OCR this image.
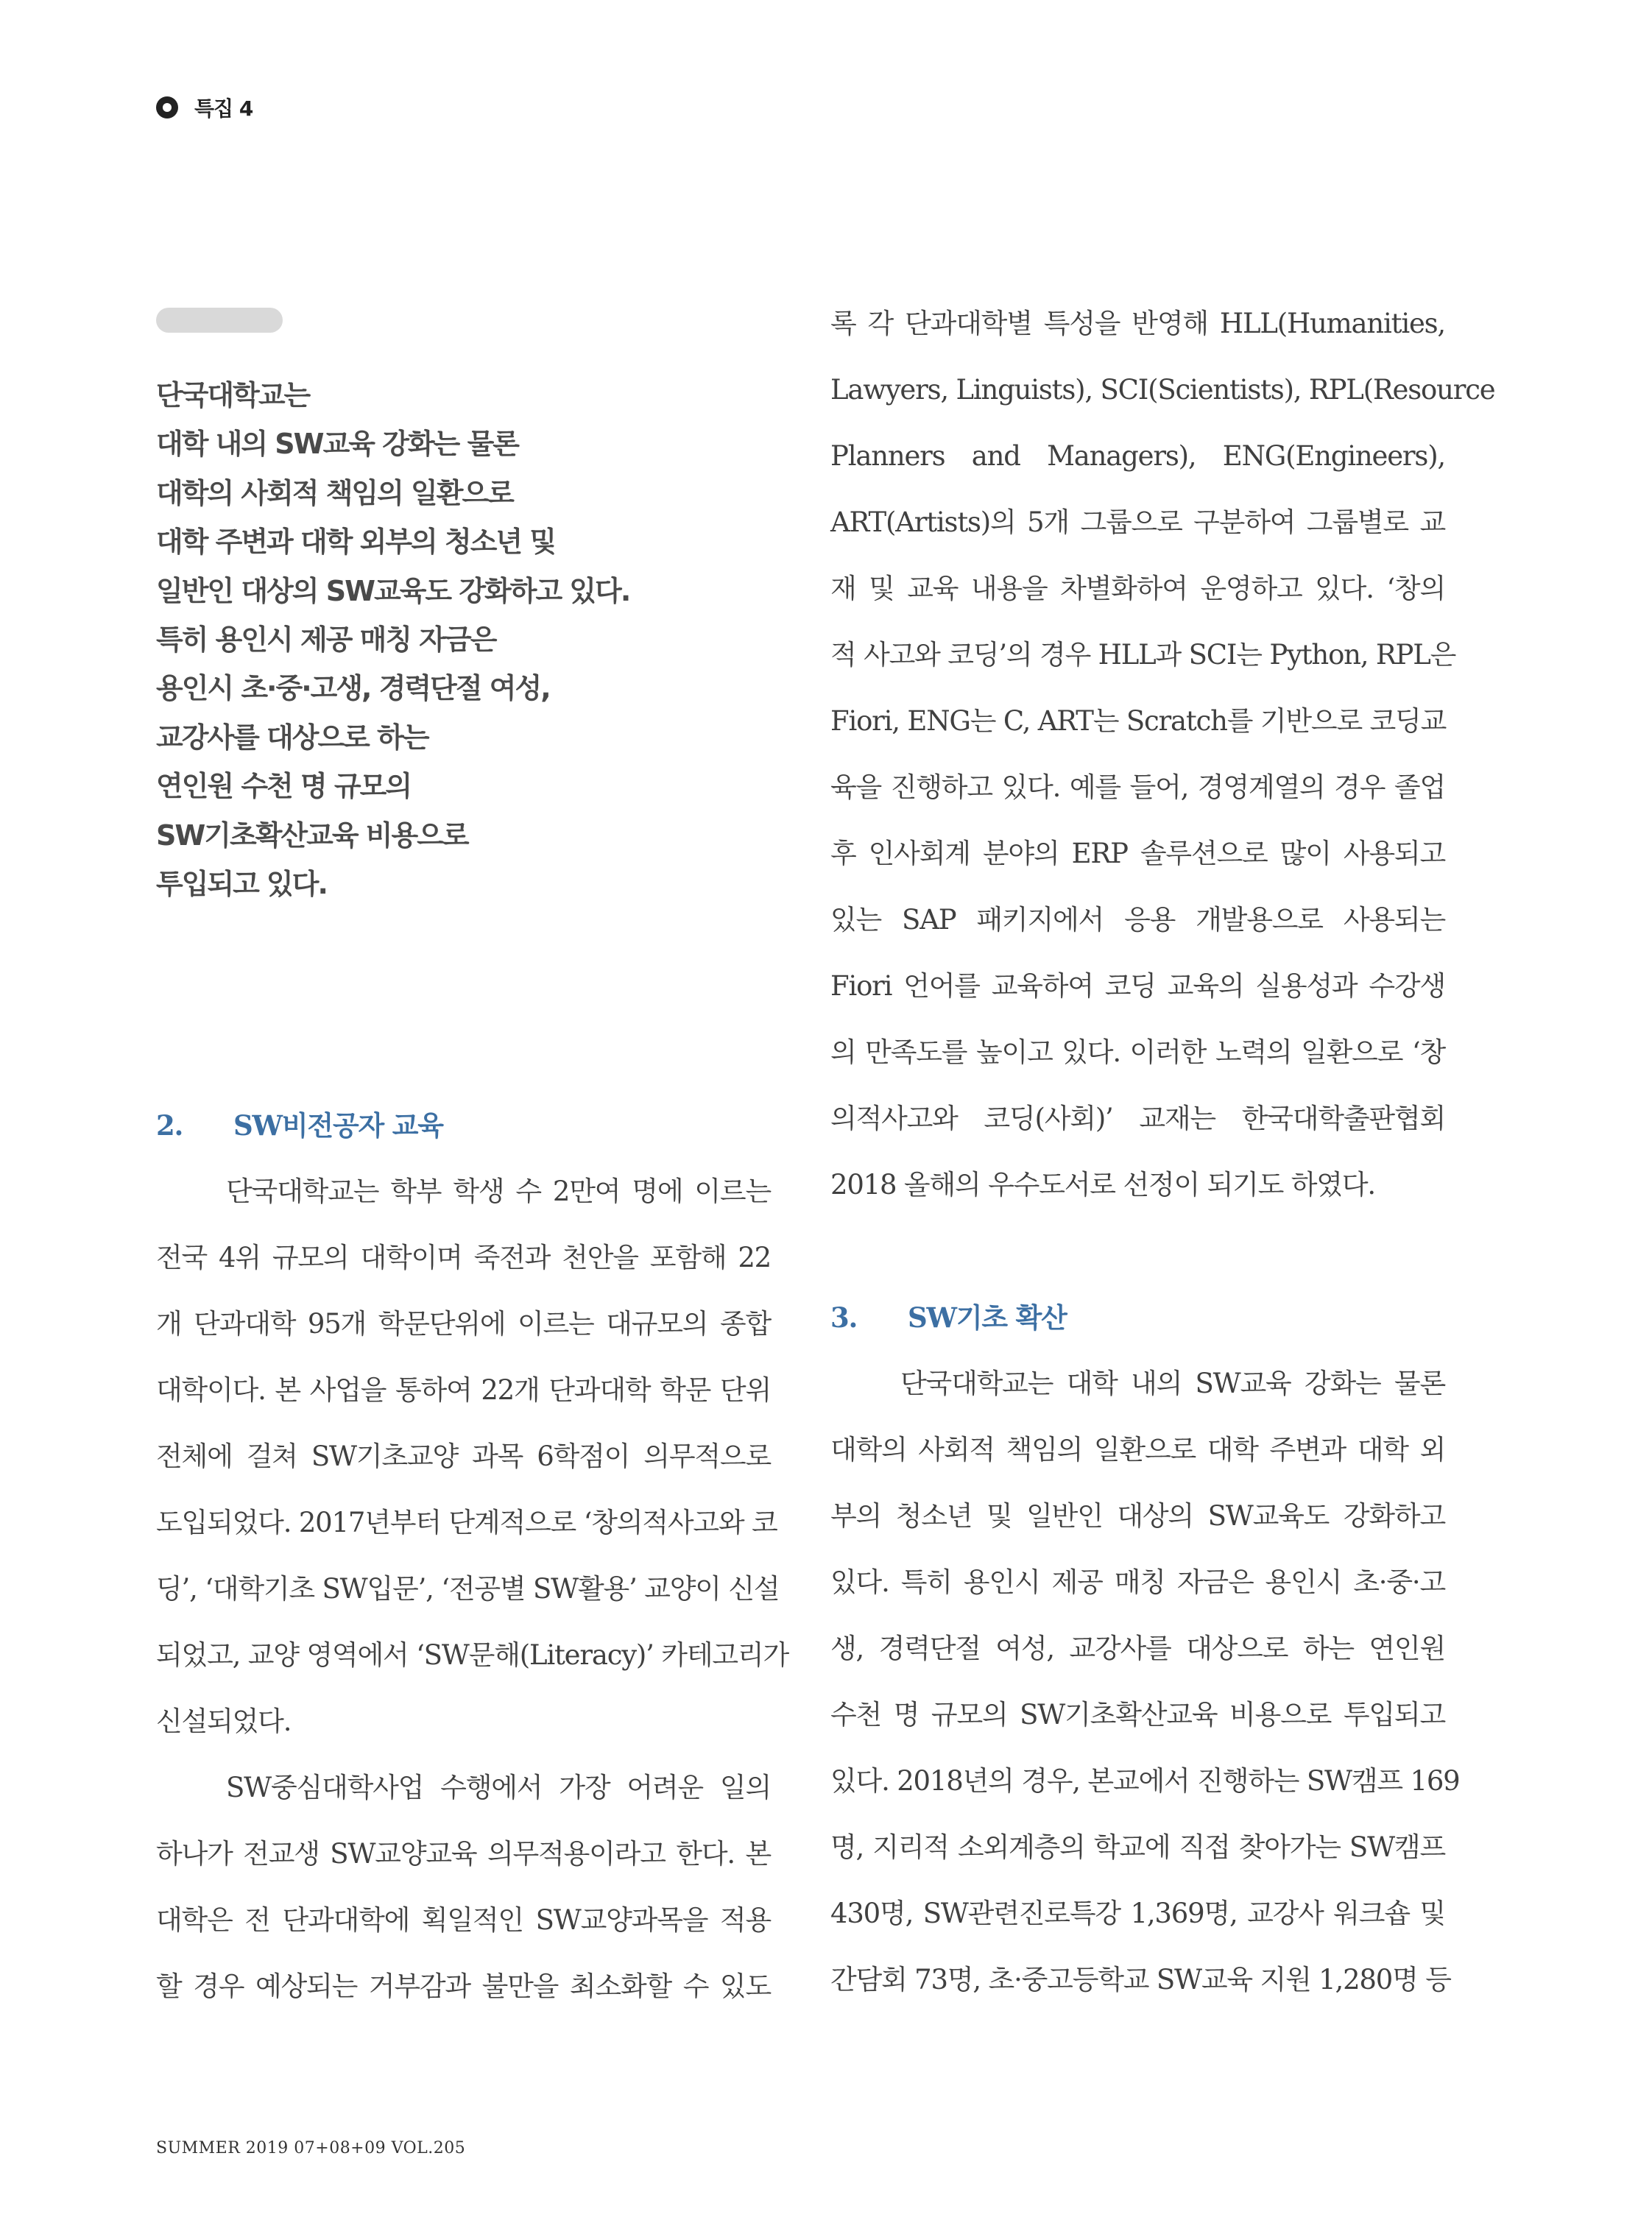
특집 4
단국대학교는
대학 내의 SW교육 강화는 물론
대학의 사회적 책임의 일환으로
대학 주변과 대학 외부의 청소년 및
일반인 대상의 SW교육도 강화하고 있다.
특히 용인시 제공 매칭 자금은
용인시 초·중·고생, 경력단절 여성,
교강사를 대상으로 하는
연인원 수천 명 규모의
SW기초확산교육 비용으로
투입되고 있다.
2. SW비전공자 교육
단국대학교는 학부 학생 수 2만여 명에 이르는
전국 4위 규모의 대학이며 죽전과 천안을 포함해 22
개 단과대학 95개 학문단위에 이르는 대규모의 종합
대학이다. 본 사업을 통하여 22개 단과대학 학문 단위
전체에 걸쳐 SW기초교양 과목 6학점이 의무적으로
도입되었다. 2017년부터 단계적으로 ‘창의적사고와 코
딩’, ‘대학기초 SW입문’, ‘전공별 SW활용’ 교양이 신설
되었고, 교양 영역에서 ‘SW문해(Literacy)’ 카테고리가
신설되었다.
SW중심대학사업 수행에서 가장 어려운 일의
하나가 전교생 SW교양교육 의무적용이라고 한다. 본
대학은 전 단과대학에 획일적인 SW교양과목을 적용
할 경우 예상되는 거부감과 불만을 최소화할 수 있도
록 각 단과대학별 특성을 반영해 HLL(Humanities,
Lawyers, Linguists), SCI(Scientists), RPL(Resource
Planners and Managers), ENG(Engineers),
ART(Artists)의 5개 그룹으로 구분하여 그룹별로 교
재 및 교육 내용을 차별화하여 운영하고 있다. ‘창의
적 사고와 코딩’의 경우 HLL과 SCI는 Python, RPL은
Fiori, ENG는 C, ART는 Scratch를 기반으로 코딩교
육을 진행하고 있다. 예를 들어, 경영계열의 경우 졸업
후 인사회계 분야의 ERP 솔루션으로 많이 사용되고
있는 SAP 패키지에서 응용 개발용으로 사용되는
Fiori 언어를 교육하여 코딩 교육의 실용성과 수강생
의 만족도를 높이고 있다. 이러한 노력의 일환으로 ‘창
의적사고와 코딩(사회)’ 교재는 한국대학출판협회
2018 올해의 우수도서로 선정이 되기도 하였다.
3. SW기초 확산
단국대학교는 대학 내의 SW교육 강화는 물론
대학의 사회적 책임의 일환으로 대학 주변과 대학 외
부의 청소년 및 일반인 대상의 SW교육도 강화하고
있다. 특히 용인시 제공 매칭 자금은 용인시 초·중·고
생, 경력단절 여성, 교강사를 대상으로 하는 연인원
수천 명 규모의 SW기초확산교육 비용으로 투입되고
있다. 2018년의 경우, 본교에서 진행하는 SW캠프 169
명, 지리적 소외계층의 학교에 직접 찾아가는 SW캠프
430명, SW관련진로특강 1,369명, 교강사 워크숍 및
간담회 73명, 초·중고등학교 SW교육 지원 1,280명 등
SUMMER 2019 07+08+09 VOL.205
